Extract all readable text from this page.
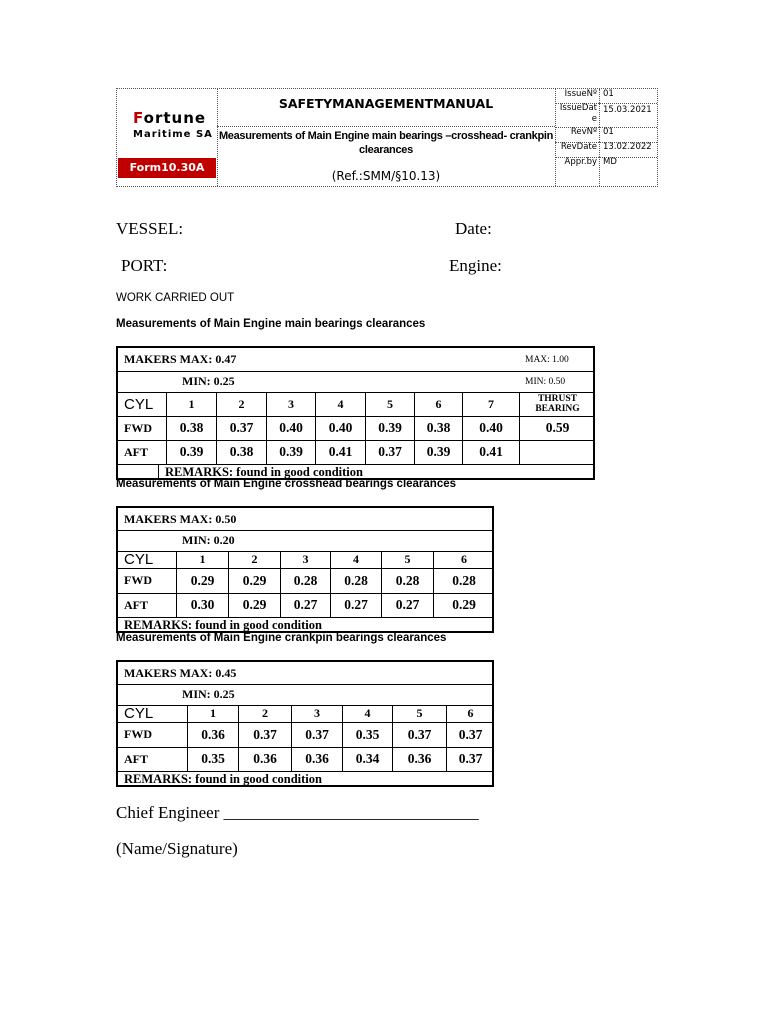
Fortune
Maritime SA
Form10.30A
SAFETYMANAGEMENTMANUAL
Measurements of Main Engine main bearings –crosshead- crankpin clearances
(Ref.:SMM/§10.13)
IssueNº 01
IssueDate
15.03.2021
RevNº 01
RevDate 13.02.2022
Appr.by MD
VESSEL:	Date:
PORT:	Engine:
WORK CARRIED OUT
Measurements of Main Engine main bearings clearances
MAKERS MAX: 0.47	MAX: 1.00
MIN: 0.25	MIN: 0.50
CYL	1	2	3	4	5	6	7	THRUST BEARING
FWD	0.38	0.37	0.40	0.40	0.39	0.38	0.40	0.59
AFT	0.39	0.38	0.39	0.41	0.37	0.39	0.41
REMARKS: found in good condition
Measurements of Main Engine crosshead bearings clearances
MAKERS MAX: 0.50
MIN: 0.20
CYL	1	2	3	4	5	6
FWD	0.29	0.29	0.28	0.28	0.28	0.28
AFT	0.30	0.29	0.27	0.27	0.27	0.29
REMARKS: found in good condition
Measurements of Main Engine crankpin bearings clearances
MAKERS MAX: 0.45
MIN: 0.25
CYL	1	2	3	4	5	6
FWD	0.36	0.37	0.37	0.35	0.37	0.37
AFT	0.35	0.36	0.36	0.34	0.36	0.37
REMARKS: found in good condition
Chief Engineer ______________________________
(Name/Signature)
